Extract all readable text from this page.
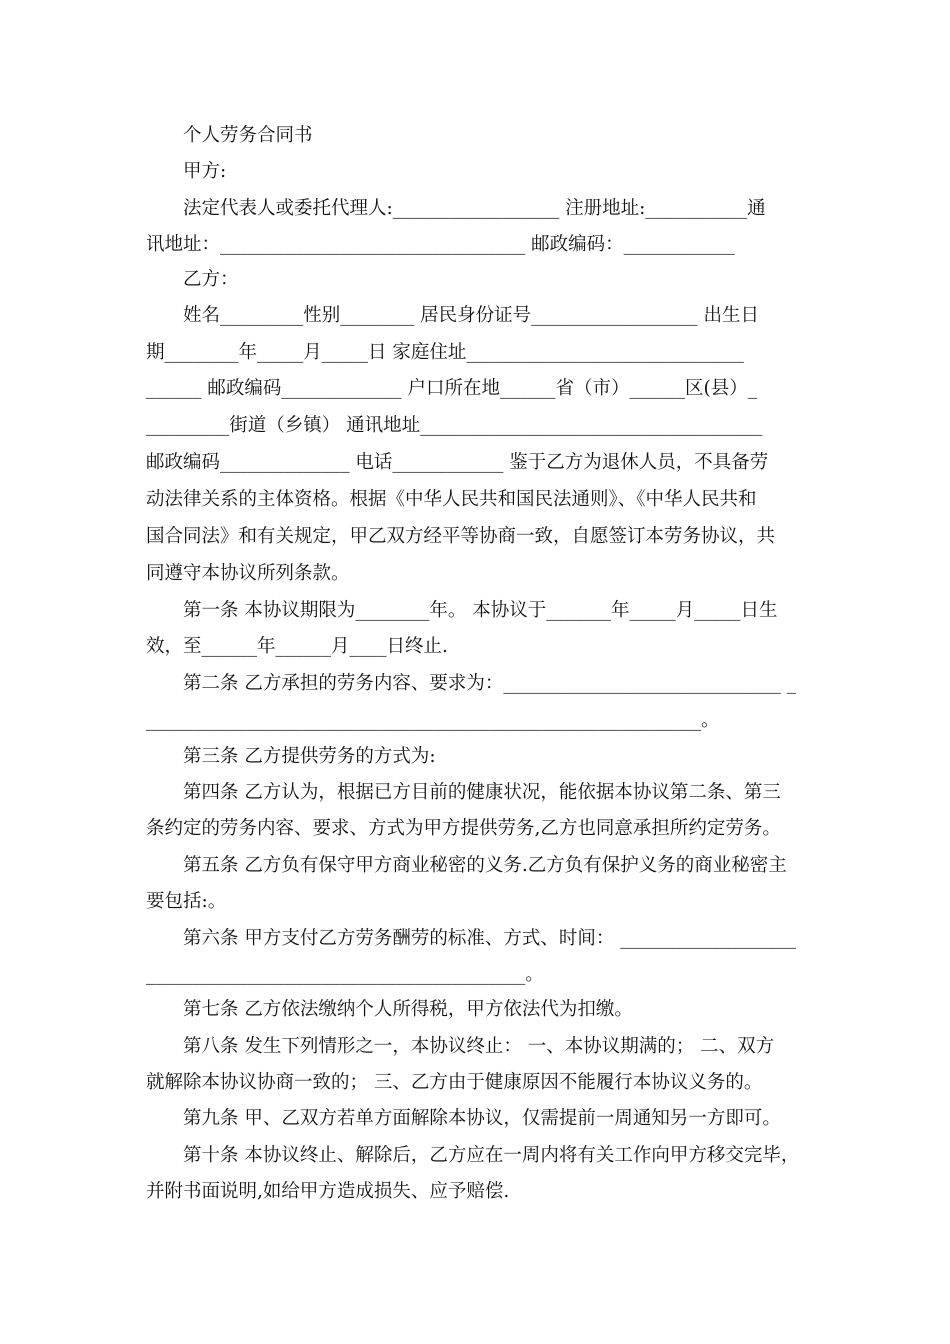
个人劳务合同书
甲方:
法定代表人或委托代理人:__________________ 注册地址:___________通
讯地址：_________________________________ 邮政编码：____________
乙方：
姓名_________性别________ 居民身份证号__________________ 出生日
期________年_____月_____日 家庭住址______________________________
______ 邮政编码_____________ 户口所在地______省（市）______区(县）_
_________街道（乡镇） 通讯地址_____________________________________
邮政编码______________ 电话____________ 鉴于乙方为退休人员，不具备劳
动法律关系的主体资格。根据《中华人民共和国民法通则》、《中华人民共和
国合同法》和有关规定，甲乙双方经平等协商一致，自愿签订本劳务协议，共
同遵守本协议所列条款。
第一条 本协议期限为________年。 本协议于_______年_____月_____日生
效，至______年______月____日终止.
第二条 乙方承担的劳务内容、要求为：______________________________ _
____________________________________________________________。
第三条 乙方提供劳务的方式为:
第四条 乙方认为，根据已方目前的健康状况，能依据本协议第二条、第三
条约定的劳务内容、要求、方式为甲方提供劳务,乙方也同意承担所约定劳务。
第五条 乙方负有保守甲方商业秘密的义务.乙方负有保护义务的商业秘密主
要包括:。
第六条 甲方支付乙方劳务酬劳的标准、方式、时间： ___________________
_________________________________________。
第七条 乙方依法缴纳个人所得税，甲方依法代为扣缴。
第八条 发生下列情形之一，本协议终止： 一、本协议期满的； 二、双方
就解除本协议协商一致的； 三、乙方由于健康原因不能履行本协议义务的。
第九条 甲、乙双方若单方面解除本协议，仅需提前一周通知另一方即可。
第十条 本协议终止、解除后，乙方应在一周内将有关工作向甲方移交完毕，
并附书面说明,如给甲方造成损失、应予赔偿.
